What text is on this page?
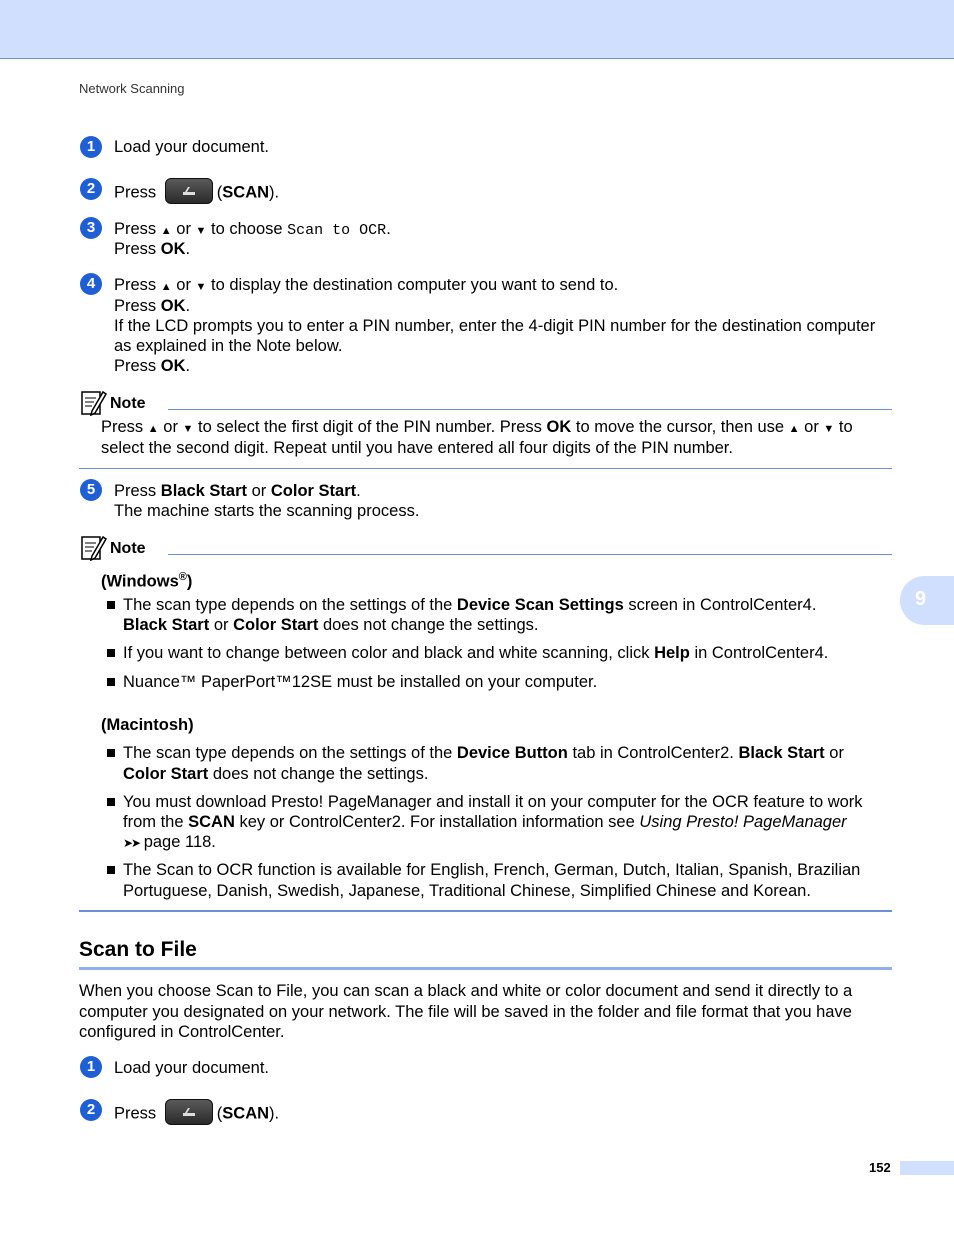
Network Scanning
9
1	Load your document.
2	Press	(SCAN).
3	Press ▲ or ▼ to choose Scan to OCR.
Press OK.
4	Press ▲ or ▼ to display the destination computer you want to send to.
Press OK.
If the LCD prompts you to enter a PIN number, enter the 4-digit PIN number for the destination computer
as explained in the Note below.
Press OK.
Note
Press ▲ or ▼ to select the first digit of the PIN number. Press OK to move the cursor, then use ▲ or ▼ to
select the second digit. Repeat until you have entered all four digits of the PIN number.
5	Press Black Start or Color Start.
The machine starts the scanning process.
Note
(Windows®)
The scan type depends on the settings of the Device Scan Settings screen in ControlCenter4.
Black Start or Color Start does not change the settings.
If you want to change between color and black and white scanning, click Help in ControlCenter4.
Nuance™ PaperPort™12SE must be installed on your computer.
(Macintosh)
The scan type depends on the settings of the Device Button tab in ControlCenter2. Black Start or
Color Start does not change the settings.
You must download Presto! PageManager and install it on your computer for the OCR feature to work
from the SCAN key or ControlCenter2. For installation information see Using Presto! PageManager
➤➤ page 118.
The Scan to OCR function is available for English, French, German, Dutch, Italian, Spanish, Brazilian
Portuguese, Danish, Swedish, Japanese, Traditional Chinese, Simplified Chinese and Korean.
Scan to File
When you choose Scan to File, you can scan a black and white or color document and send it directly to a
computer you designated on your network. The file will be saved in the folder and file format that you have
configured in ControlCenter.
1	Load your document.
2	Press	(SCAN).
152
